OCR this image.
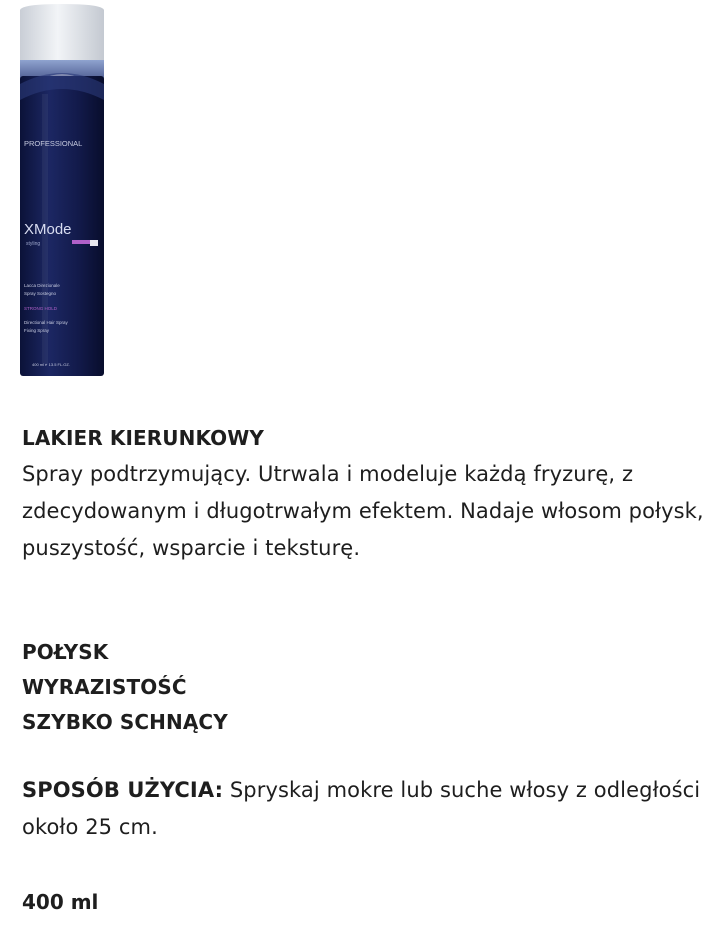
PROFESSIONAL
XMode
styling
Lacca Direzionale
Spray Sostegno
STRONG HOLD
Directional Hair Spray
Fixing Spray
400 ml ℮ 13.5 FL.OZ.
LAKIER KIERUNKOWY

Spray podtrzymujący. Utrwala i modeluje każdą fryzurę, z zdecydowanym i długotrwałym efektem. Nadaje włosom połysk, puszystość, wsparcie i teksturę.

POŁYSK
WYRAZISTOŚĆ
SZYBKO SCHNĄCY
SPOSÓB UŻYCIA: Spryskaj mokre lub suche włosy z odległości około 25 cm.
400 ml
